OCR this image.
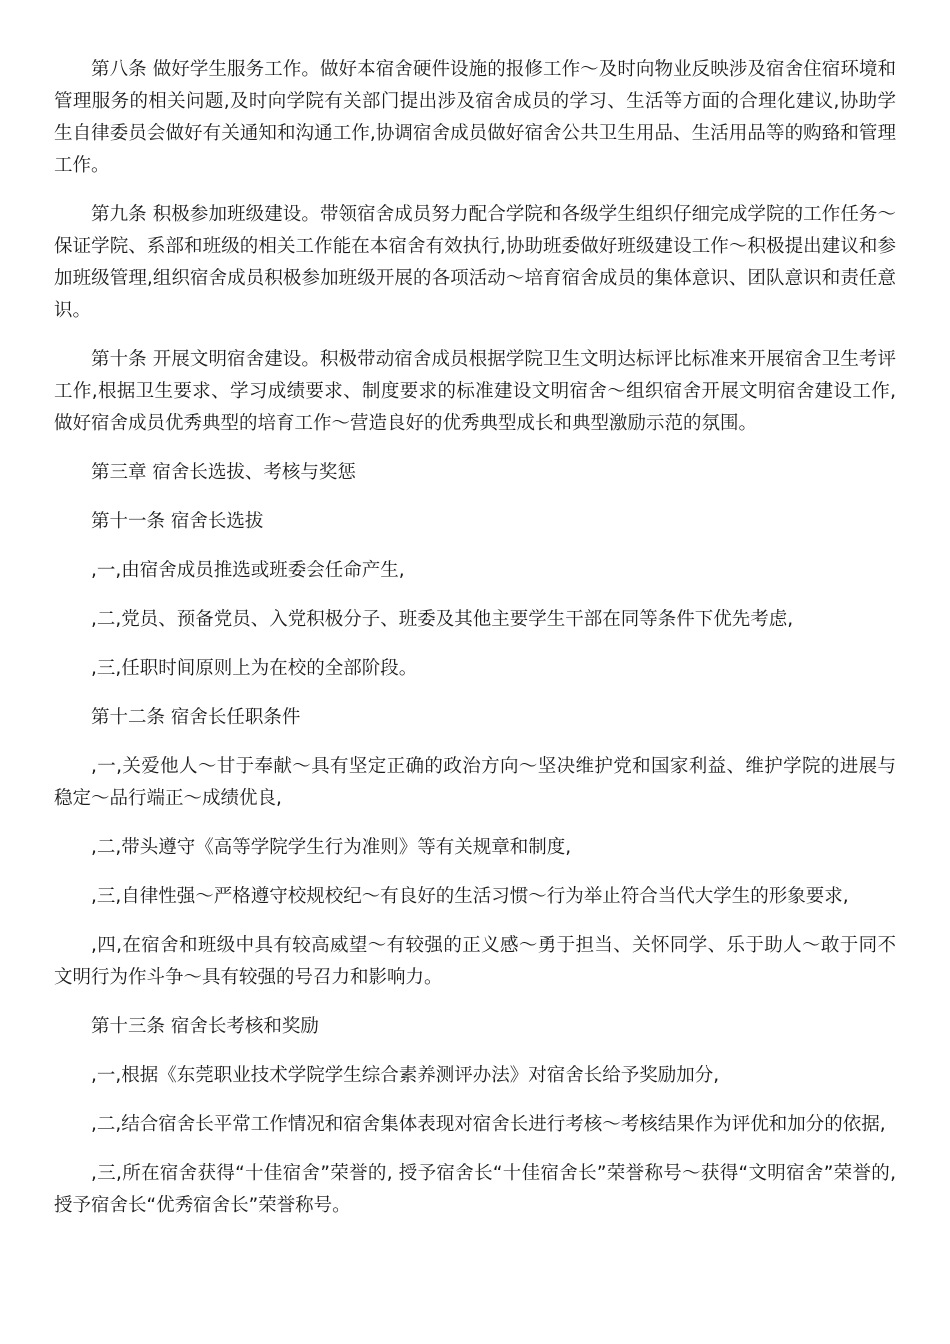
第八条 做好学生服务工作。做好本宿舍硬件设施的报修工作～及时向物业反映涉及宿舍住宿环境和管理服务的相关问题,及时向学院有关部门提出涉及宿舍成员的学习、生活等方面的合理化建议,协助学生自律委员会做好有关通知和沟通工作,协调宿舍成员做好宿舍公共卫生用品、生活用品等的购臵和管理工作。

第九条 积极参加班级建设。带领宿舍成员努力配合学院和各级学生组织仔细完成学院的工作任务～保证学院、系部和班级的相关工作能在本宿舍有效执行,协助班委做好班级建设工作～积极提出建议和参加班级管理,组织宿舍成员积极参加班级开展的各项活动～培育宿舍成员的集体意识、团队意识和责任意识。

第十条 开展文明宿舍建设。积极带动宿舍成员根据学院卫生文明达标评比标准来开展宿舍卫生考评工作,根据卫生要求、学习成绩要求、制度要求的标准建设文明宿舍～组织宿舍开展文明宿舍建设工作,做好宿舍成员优秀典型的培育工作～营造良好的优秀典型成长和典型激励示范的氛围。

第三章 宿舍长选拔、考核与奖惩

第十一条 宿舍长选拔

,一,由宿舍成员推选或班委会任命产生,

,二,党员、预备党员、入党积极分子、班委及其他主要学生干部在同等条件下优先考虑,

,三,任职时间原则上为在校的全部阶段。

第十二条 宿舍长任职条件

,一,关爱他人～甘于奉献～具有坚定正确的政治方向～坚决维护党和国家利益、维护学院的进展与稳定～品行端正～成绩优良,

,二,带头遵守《高等学院学生行为准则》等有关规章和制度,

,三,自律性强～严格遵守校规校纪～有良好的生活习惯～行为举止符合当代大学生的形象要求,

,四,在宿舍和班级中具有较高威望～有较强的正义感～勇于担当、关怀同学、乐于助人～敢于同不文明行为作斗争～具有较强的号召力和影响力。

第十三条 宿舍长考核和奖励

,一,根据《东莞职业技术学院学生综合素养测评办法》对宿舍长给予奖励加分,

,二,结合宿舍长平常工作情况和宿舍集体表现对宿舍长进行考核～考核结果作为评优和加分的依据,

,三,所在宿舍获得“十佳宿舍”荣誉的, 授予宿舍长“十佳宿舍长”荣誉称号～获得“文明宿舍”荣誉的, 授予宿舍长“优秀宿舍长”荣誉称号。
